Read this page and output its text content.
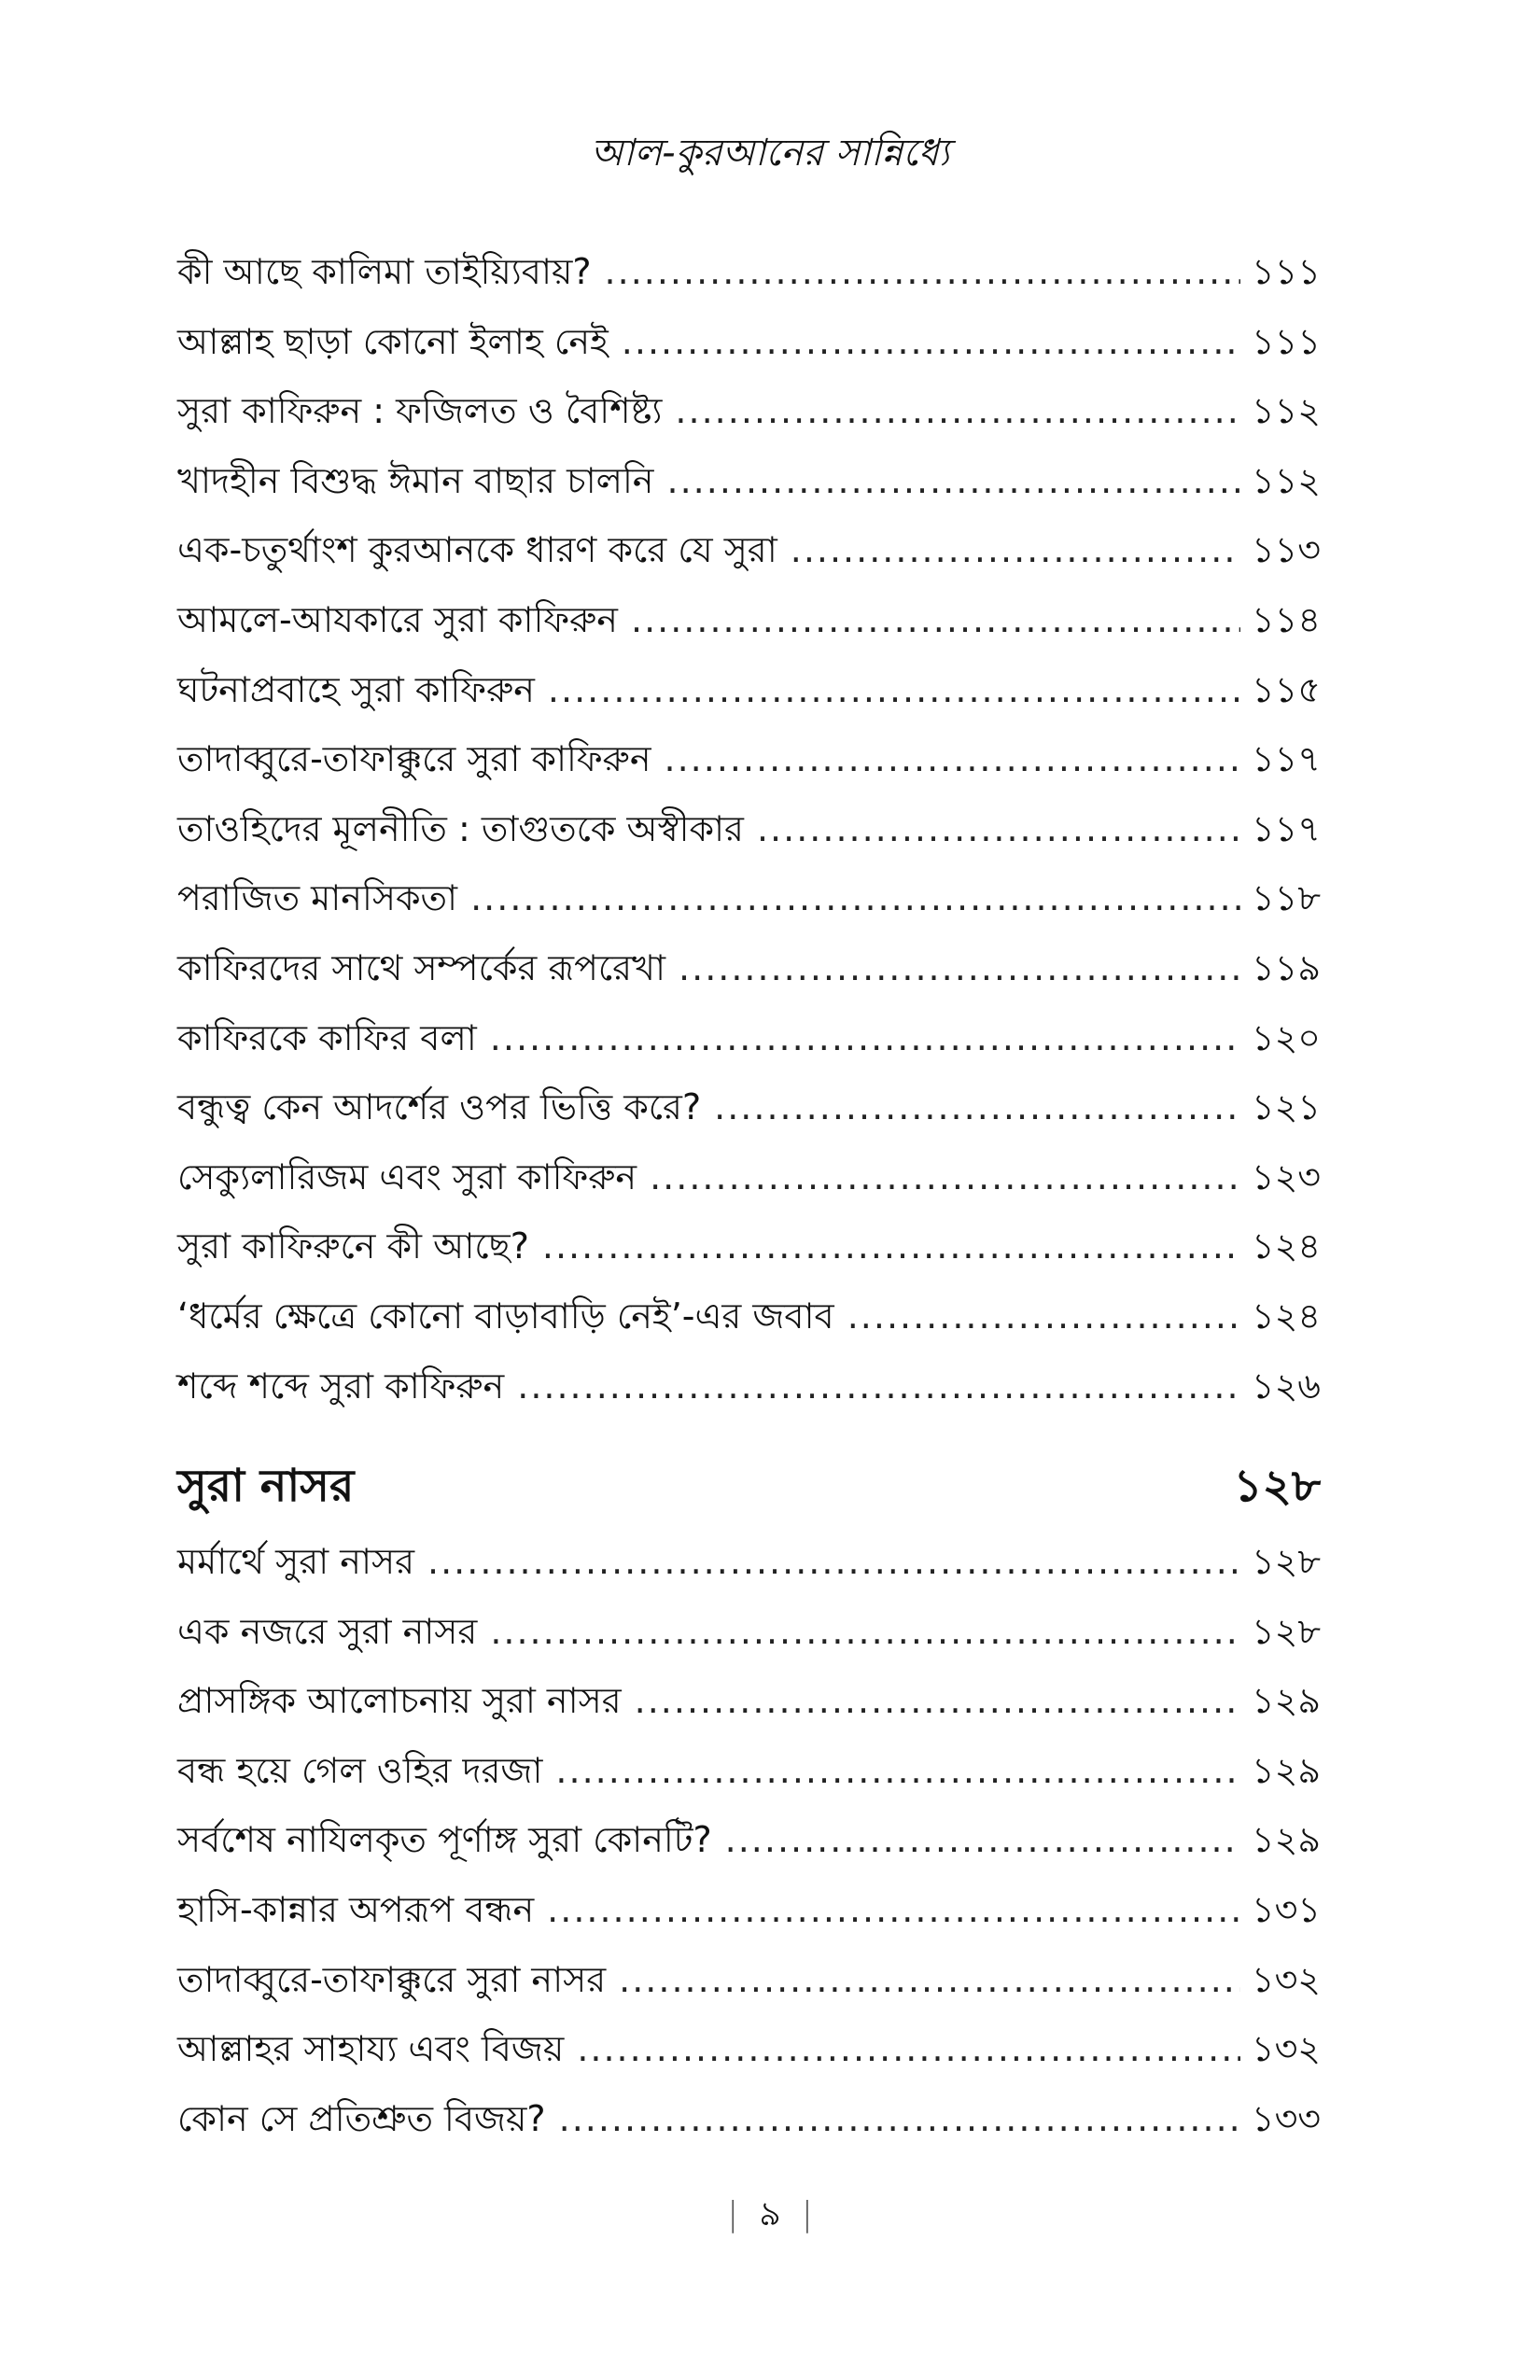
আল-কুরআনের সান্নিধ্যে
কী আছে কালিমা তাইয়্যিবায়? .....	১১১
আল্লাহ ছাড়া কোনো ইলাহ নেই .....	১১১
সুরা কাফিরুন : ফজিলত ও বৈশিষ্ট্য .....	১১২
খাদহীন বিশুদ্ধ ঈমান বাছার চালনি .....	১১২
এক-চতুর্থাংশ কুরআনকে ধারণ করে যে সুরা .....	১১৩
আমলে-আযকারে সুরা কাফিরুন .....	১১৪
ঘটনাপ্রবাহে সুরা কাফিরুন .....	১১৫
তাদাব্বুরে-তাফাক্কুরে সুরা কাফিরুন .....	১১৭
তাওহিদের মূলনীতি : তাগুতকে অস্বীকার .....	১১৭
পরাজিত মানসিকতা .....	১১৮
কাফিরদের সাথে সম্পর্কের রূপরেখা .....	১১৯
কাফিরকে কাফির বলা .....	১২০
বন্ধুত্ব কেন আদর্শের ওপর ভিত্তি করে? .....	১২১
সেক্যুলারিজম এবং সুরা কাফিরুন .....	১২৩
সুরা কাফিরুনে কী আছে? .....	১২৪
‘ধর্মের ক্ষেত্রে কোনো বাড়াবাড়ি নেই’-এর জবাব .....	১২৪
শব্দে শব্দে সুরা কাফিরুন .....	১২৬
সুরা নাসর	১২৮
মর্মার্থে সুরা নাসর .....	১২৮
এক নজরে সুরা নাসর .....	১২৮
প্রাসঙ্গিক আলোচনায় সুরা নাসর .....	১২৯
বন্ধ হয়ে গেল ওহির দরজা .....	১২৯
সর্বশেষ নাযিলকৃত পূর্ণাঙ্গ সুরা কোনটি? .....	১২৯
হাসি-কান্নার অপরূপ বন্ধন .....	১৩১
তাদাব্বুরে-তাফাক্কুরে সুরা নাসর .....	১৩২
আল্লাহর সাহায্য এবং বিজয় .....	১৩২
কোন সে প্রতিশ্রুত বিজয়? .....	১৩৩
| ৯ |
